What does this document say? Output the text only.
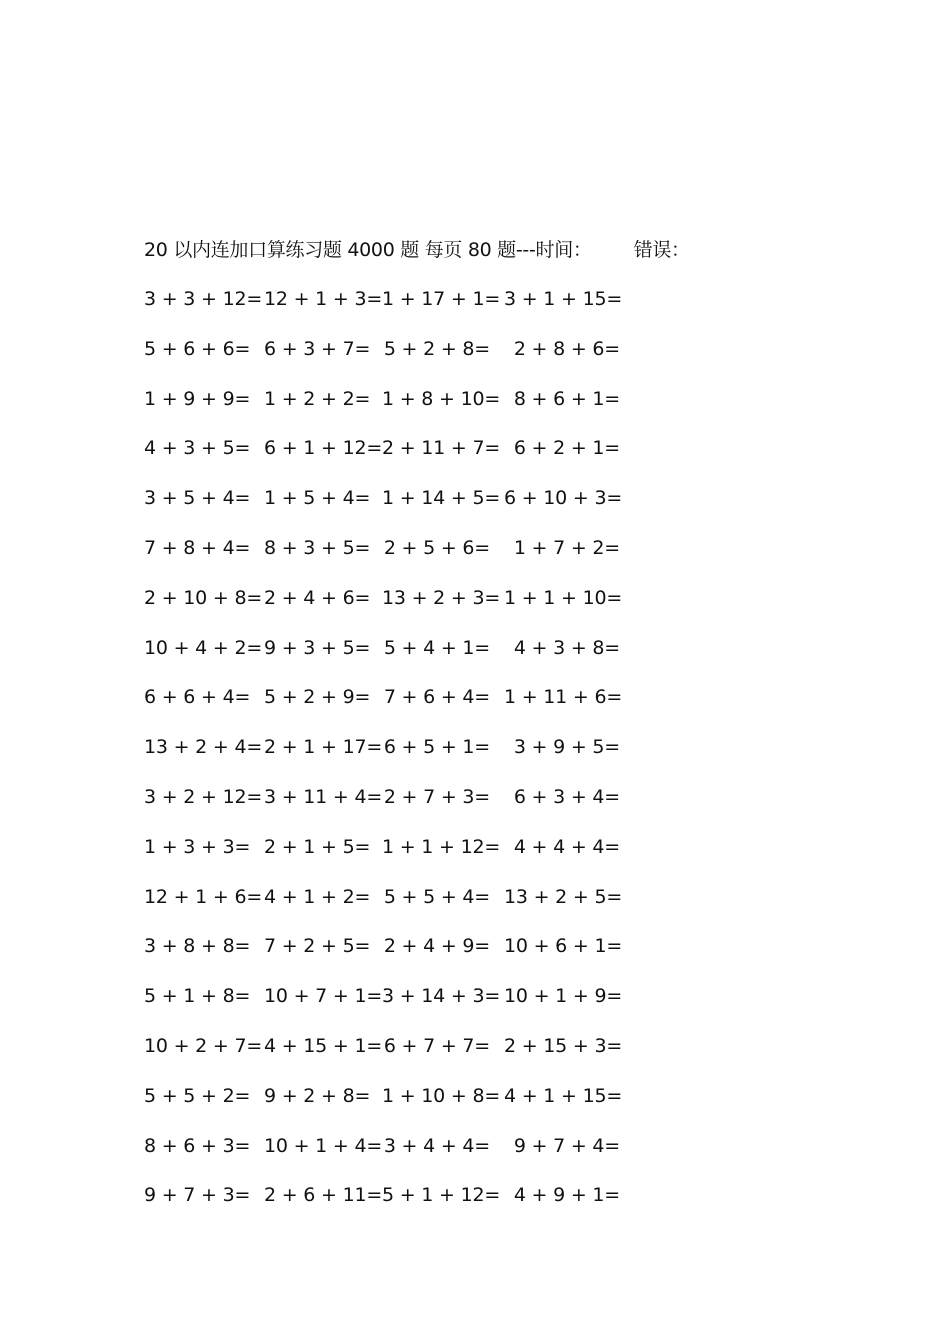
20 以内连加口算练习题 4000 题 每页 80 题---时间： 错误：
3 + 3 + 12= 12 + 1 + 3= 1 + 17 + 1= 3 + 1 + 15=
5 + 6 + 6= 6 + 3 + 7= 5 + 2 + 8=	2 + 8 + 6=
1 + 9 + 9= 1 + 2 + 2= 1 + 8 + 10= 8 + 6 + 1=
4 + 3 + 5= 6 + 1 + 12= 2 + 11 + 7= 6 + 2 + 1=
3 + 5 + 4= 1 + 5 + 4= 1 + 14 + 5= 6 + 10 + 3=
7 + 8 + 4= 8 + 3 + 5= 2 + 5 + 6=	1 + 7 + 2=
2 + 10 + 8= 2 + 4 + 6= 13 + 2 + 3= 1 + 1 + 10=
10 + 4 + 2= 9 + 3 + 5= 5 + 4 + 1=	4 + 3 + 8=
6 + 6 + 4= 5 + 2 + 9= 7 + 6 + 4= 1 + 11 + 6=
13 + 2 + 4= 2 + 1 + 17= 6 + 5 + 1=	3 + 9 + 5=
3 + 2 + 12= 3 + 11 + 4= 2 + 7 + 3=	6 + 3 + 4=
1 + 3 + 3= 2 + 1 + 5= 1 + 1 + 12= 4 + 4 + 4=
12 + 1 + 6= 4 + 1 + 2= 5 + 5 + 4= 13 + 2 + 5=
3 + 8 + 8= 7 + 2 + 5= 2 + 4 + 9= 10 + 6 + 1=
5 + 1 + 8= 10 + 7 + 1= 3 + 14 + 3= 10 + 1 + 9=
10 + 2 + 7= 4 + 15 + 1= 6 + 7 + 7= 2 + 15 + 3=
5 + 5 + 2= 9 + 2 + 8= 1 + 10 + 8= 4 + 1 + 15=
8 + 6 + 3= 10 + 1 + 4= 3 + 4 + 4=	9 + 7 + 4=
9 + 7 + 3= 2 + 6 + 11= 5 + 1 + 12= 4 + 9 + 1=
